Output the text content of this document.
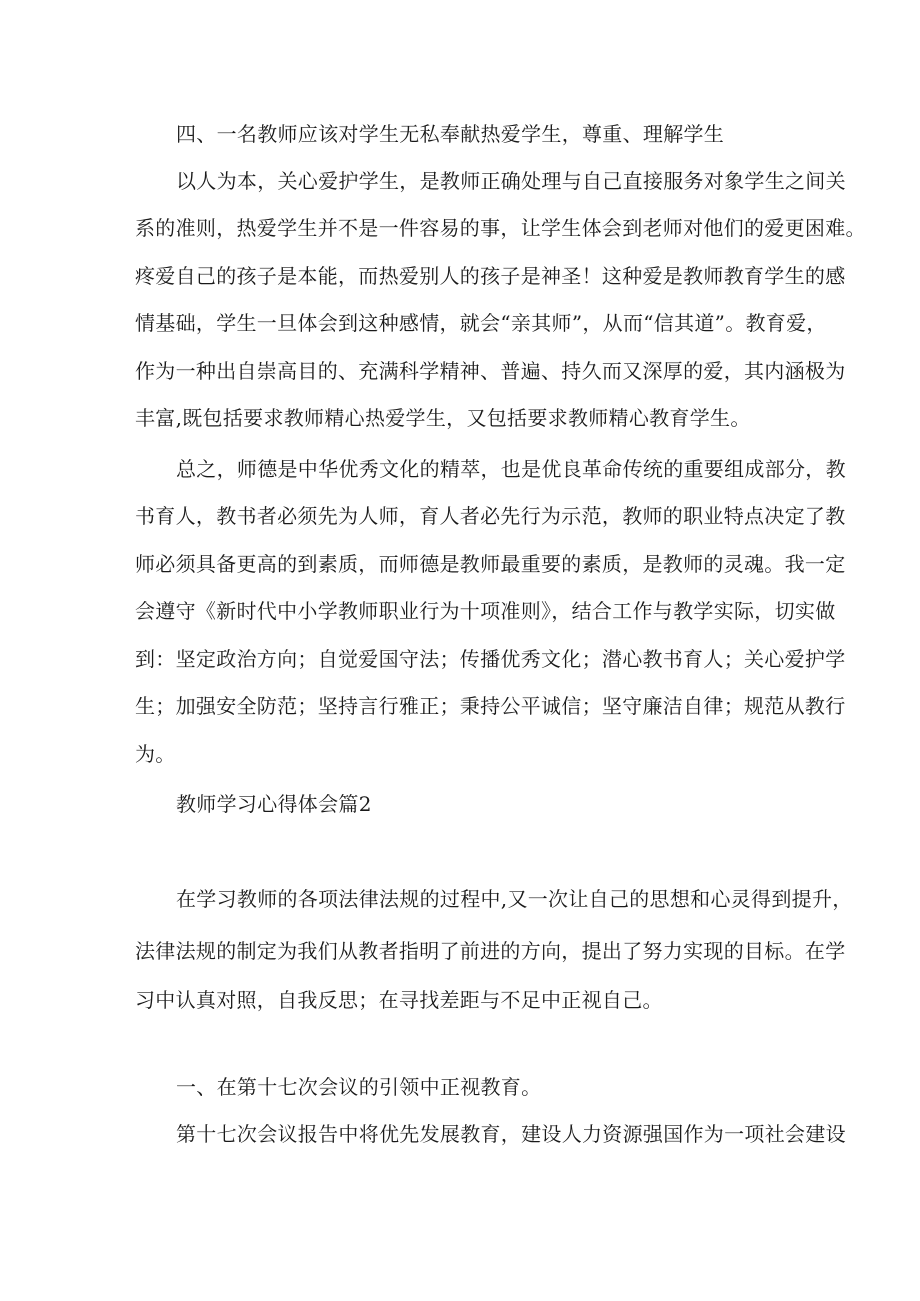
四、一名教师应该对学生无私奉献热爱学生，尊重、理解学生
以人为本，关心爱护学生，是教师正确处理与自己直接服务对象学生之间关
系的准则，热爱学生并不是一件容易的事，让学生体会到老师对他们的爱更困难。
疼爱自己的孩子是本能，而热爱别人的孩子是神圣！这种爱是教师教育学生的感
情基础，学生一旦体会到这种感情，就会“亲其师”，从而“信其道”。教育爱，
作为一种出自崇高目的、充满科学精神、普遍、持久而又深厚的爱，其内涵极为
丰富,既包括要求教师精心热爱学生，又包括要求教师精心教育学生。
总之，师德是中华优秀文化的精萃，也是优良革命传统的重要组成部分，教
书育人，教书者必须先为人师，育人者必先行为示范，教师的职业特点决定了教
师必须具备更高的到素质，而师德是教师最重要的素质，是教师的灵魂。我一定
会遵守《新时代中小学教师职业行为十项准则》，结合工作与教学实际，切实做
到：坚定政治方向；自觉爱国守法；传播优秀文化；潜心教书育人；关心爱护学
生；加强安全防范；坚持言行雅正；秉持公平诚信；坚守廉洁自律；规范从教行
为。
教师学习心得体会篇2
在学习教师的各项法律法规的过程中,又一次让自己的思想和心灵得到提升，
法律法规的制定为我们从教者指明了前进的方向，提出了努力实现的目标。在学
习中认真对照，自我反思；在寻找差距与不足中正视自己。
一、在第十七次会议的引领中正视教育。
第十七次会议报告中将优先发展教育，建设人力资源强国作为一项社会建设
